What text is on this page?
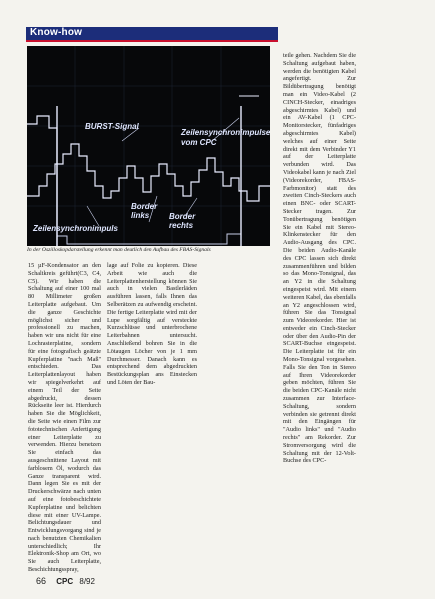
Know-how
BURST-Signal
Zeilensynchronimpulse vom CPC
Zeilensynchronimpuls
Border links	Border rechts
In der Oszilloskopdarstellung erkennt man deutlich den Aufbau des FBAS-Signals

15 µF-Kondensator an den Schaltkreis geführt(C3, C4, C5). Wir haben die Schaltung auf einer 100 mal 80 Millimeter großen Leiterplatte aufgebaut. Um die ganze Geschichte möglichst sicher und professionell zu machen, haben wir uns nicht für eine Lochrasterplatine, sondern für eine fotografisch geätzte Kupferplatine "nach Maß" entschieden. Das Leiterplattenlayout haben wir spiegelverkehrt auf einem Teil der Seite abgedruckt, dessen Rückseite leer ist. Hierdurch haben Sie die Möglichkeit, die Seite wie einen Film zur fototechnischen Anfertigung einer Leiterplatte zu verwenden. Hierzu benetzen Sie einfach das ausgeschnittene Layout mit farblosem Öl, wodurch das Ganze transparent wird. Dann legen Sie es mit der Druckerschwärze nach unten auf eine fotobeschichtete Kupferplatine und belichten diese mit einer UV-Lampe. Belichtungsdauer und Entwicklungsvorgang sind je nach benutzten Chemikalien unterschiedlich; Ihr Elektronik-Shop am Ort, wo Sie auch Leiterplatte, Beschichtungsspray,

lage auf Folie zu kopieren. Diese Arbeit wie auch die Leiterplattenherstellung können Sie auch in vielen Bastlerläden ausführen lassen, falls Ihnen das Selberätzen zu aufwendig erscheint. Die fertige Leiterplatte wird mit der Lupe sorgfältig auf versteckte Kurzschlüsse und unterbrochene Leiterbahnen untersucht. Anschließend bohren Sie in die Lötaugen Löcher von je 1 mm Durchmesser. Danach kann es entsprechend dem abgedruckten Bestückungsplan ans Einstecken und Löten der Bau-

teile gehen. Nachdem Sie die Schaltung aufgebaut haben, werden die benötigten Kabel angefertigt. Zur Bildübertragung benötigt man ein Video-Kabel (2 CINCH-Stecker, einadriges abgeschirmtes Kabel) und ein AV-Kabel (1 CPC-Monitorstecker, fünfadriges abgeschirmtes Kabel) welches auf einer Seite direkt mit dem Verbinder Y1 auf der Leiterplatte verbunden wird. Das Videokabel kann je nach Ziel (Videorekorder, FBAS-Farbmonitor) statt des zweiten Cinch-Steckers auch einen BNC- oder SCART-Stecker tragen. Zur Tonübertragung benötigen Sie ein Kabel mit Stereo-Klinkenstecker für den Audio-Ausgang des CPC. Die beiden Audio-Kanäle des CPC lassen sich direkt zusammenführen und bilden so das Mono-Tonsignal, das an Y2 in die Schaltung eingespeist wird. Mit einem weiteren Kabel, das ebenfalls an Y2 angeschlossen wird, führen Sie das Tonsignal zum Videorekorder. Hier ist entweder ein Cinch-Stecker oder über den Audio-Pin der SCART-Buchse eingespeist. Die Leiterplatte ist für ein Mono-Tonsignal vorgesehen. Falls Sie den Ton in Stereo auf Ihren Videorekorder geben möchten, führen Sie die beiden CPC-Kanäle nicht zusammen zur Interface-Schaltung, sondern verbinden sie getrennt direkt mit den Eingängen für "Audio links" und "Audio rechts" am Rekorder. Zur Stromversorgung wird die Schaltung mit der 12-Volt-Buchse des CPC-

66 CPC 8/92
